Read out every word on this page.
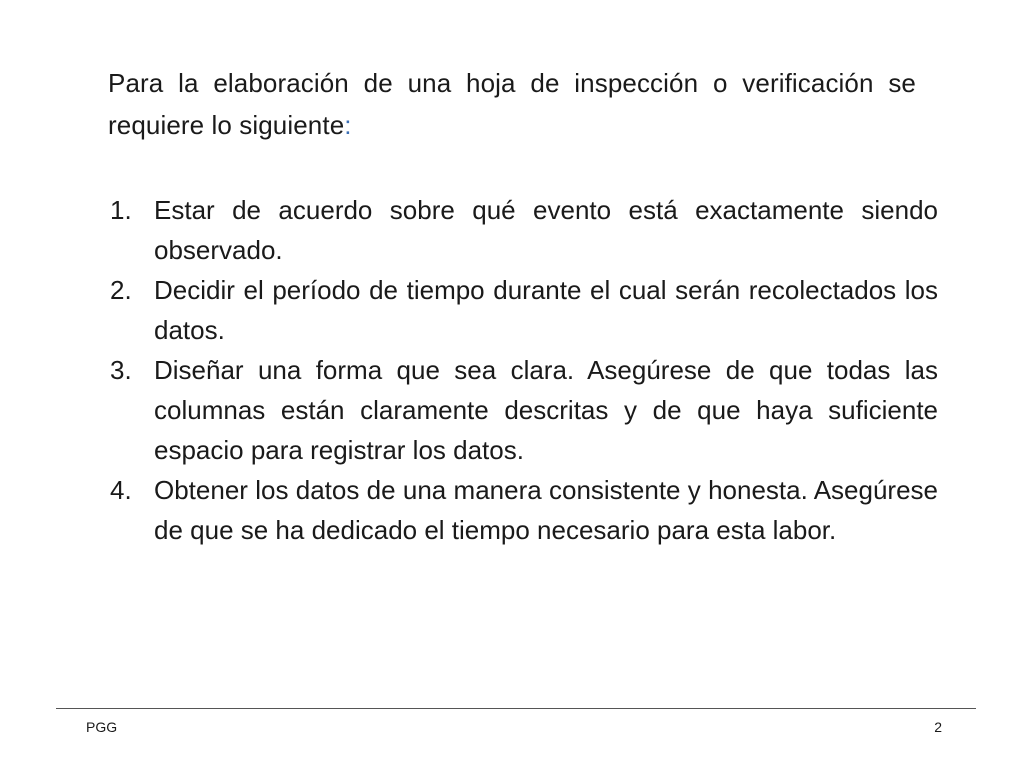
Para la elaboración de una hoja de inspección o verificación se requiere lo siguiente:

1. Estar de acuerdo sobre qué evento está exactamente siendo observado.
2. Decidir el período de tiempo durante el cual serán recolectados los datos.
3. Diseñar una forma que sea clara. Asegúrese de que todas las columnas están claramente descritas y de que haya suficiente espacio para registrar los datos.
4. Obtener los datos de una manera consistente y honesta. Asegúrese de que se ha dedicado el tiempo necesario para esta labor.
PGG	2
